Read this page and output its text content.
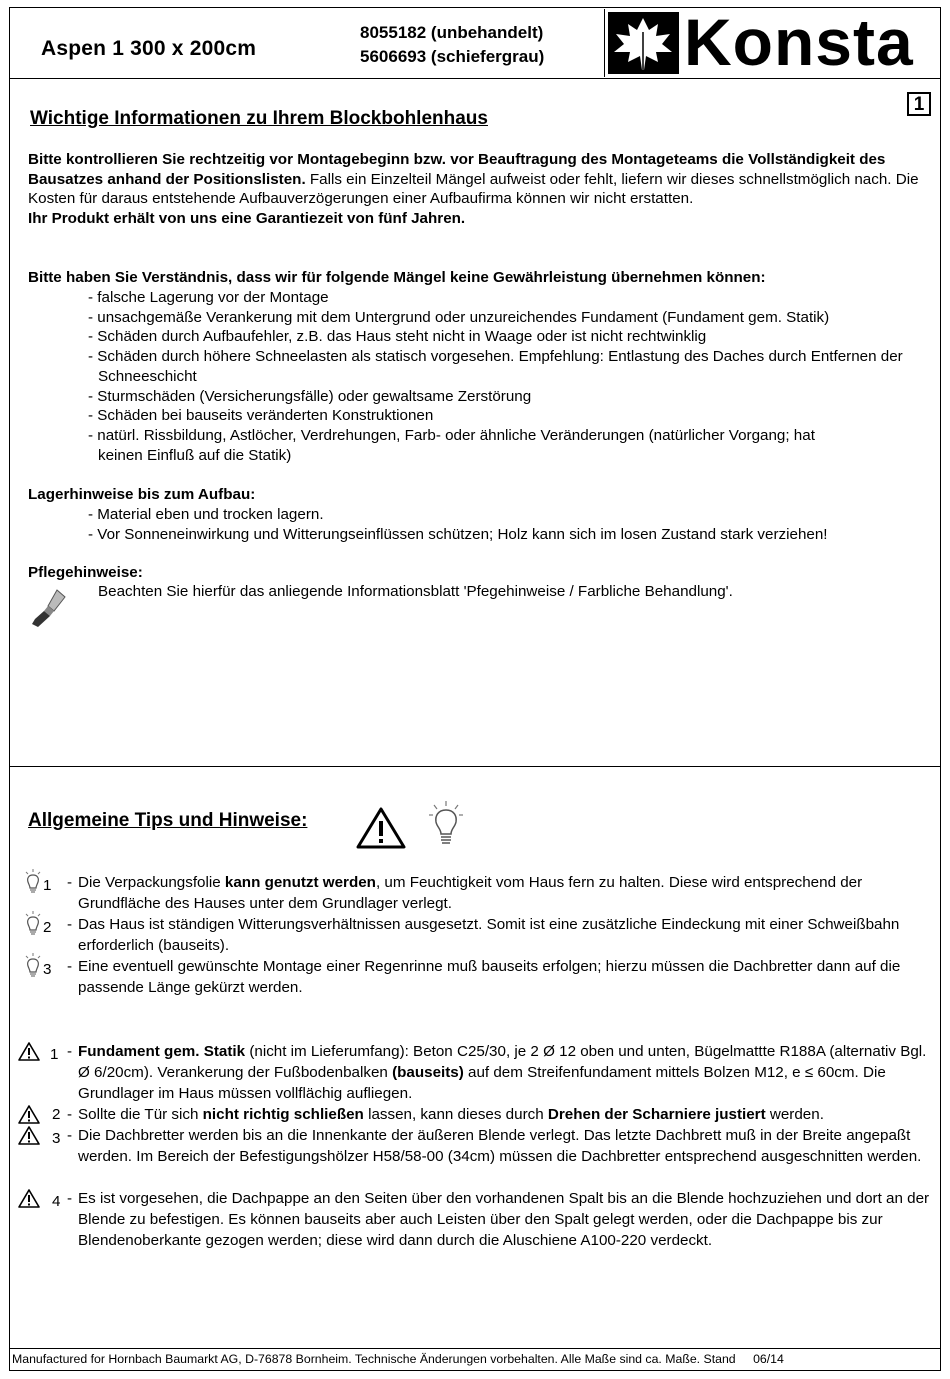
Aspen 1 300 x 200cm
8055182 (unbehandelt)
5606693 (schiefergrau) Konsta
1
Wichtige Informationen zu Ihrem Blockbohlenhaus
Bitte kontrollieren Sie rechtzeitig vor Montagebeginn bzw. vor Beauftragung des Montageteams die Vollständigkeit des Bausatzes anhand der Positionslisten. Falls ein Einzelteil Mängel aufweist oder fehlt, liefern wir dieses schnellstmöglich nach. Die Kosten für daraus entstehende Aufbauverzögerungen einer Aufbaufirma können wir nicht erstatten.
Ihr Produkt erhält von uns eine Garantiezeit von fünf Jahren.
Bitte haben Sie Verständnis, dass wir für folgende Mängel keine Gewährleistung übernehmen können:
- falsche Lagerung vor der Montage
- unsachgemäße Verankerung mit dem Untergrund oder unzureichendes Fundament (Fundament gem. Statik)
- Schäden durch Aufbaufehler, z.B. das Haus steht nicht in Waage oder ist nicht rechtwinklig
- Schäden durch höhere Schneelasten als statisch vorgesehen. Empfehlung: Entlastung des Daches durch Entfernen der Schneeschicht
- Sturmschäden (Versicherungsfälle) oder gewaltsame Zerstörung
- Schäden bei bauseits veränderten Konstruktionen
- natürl. Rissbildung, Astlöcher, Verdrehungen, Farb- oder ähnliche Veränderungen (natürlicher Vorgang; hat keinen Einfluß auf die Statik)
Lagerhinweise bis zum Aufbau:
- Material eben und trocken lagern.
- Vor Sonneneinwirkung und Witterungseinflüssen schützen; Holz kann sich im losen Zustand stark verziehen!
Pflegehinweise:
Beachten Sie hierfür das anliegende Informationsblatt 'Pfegehinweise / Farbliche Behandlung'.
Allgemeine Tips und Hinweise:
1 - Die Verpackungsfolie kann genutzt werden, um Feuchtigkeit vom Haus fern zu halten. Diese wird entsprechend der Grundfläche des Hauses unter dem Grundlager verlegt.
2 - Das Haus ist ständigen Witterungsverhältnissen ausgesetzt. Somit ist eine zusätzliche Eindeckung mit einer Schweißbahn erforderlich (bauseits).
3 - Eine eventuell gewünschte Montage einer Regenrinne muß bauseits erfolgen; hierzu müssen die Dachbretter dann auf die passende Länge gekürzt werden.
1 - Fundament gem. Statik (nicht im Lieferumfang): Beton C25/30, je 2 Ø 12 oben und unten, Bügelmattte R188A (alternativ Bgl. Ø 6/20cm). Verankerung der Fußbodenbalken (bauseits) auf dem Streifenfundament mittels Bolzen M12, e ≤ 60cm. Die Grundlager im Haus müssen vollflächig aufliegen.
2 - Sollte die Tür sich nicht richtig schließen lassen, kann dieses durch Drehen der Scharniere justiert werden.
3 - Die Dachbretter werden bis an die Innenkante der äußeren Blende verlegt. Das letzte Dachbrett muß in der Breite angepaßt werden. Im Bereich der Befestigungshölzer H58/58-00 (34cm) müssen die Dachbretter entsprechend ausgeschnitten werden.
4 - Es ist vorgesehen, die Dachpappe an den Seiten über den vorhandenen Spalt bis an die Blende hochzuziehen und dort an der Blende zu befestigen. Es können bauseits aber auch Leisten über den Spalt gelegt werden, oder die Dachpappe bis zur Blendenoberkante gezogen werden; diese wird dann durch die Aluschiene A100-220 verdeckt.
Manufactured for Hornbach Baumarkt AG, D-76878 Bornheim. Technische Änderungen vorbehalten. Alle Maße sind ca. Maße. Stand 06/14
